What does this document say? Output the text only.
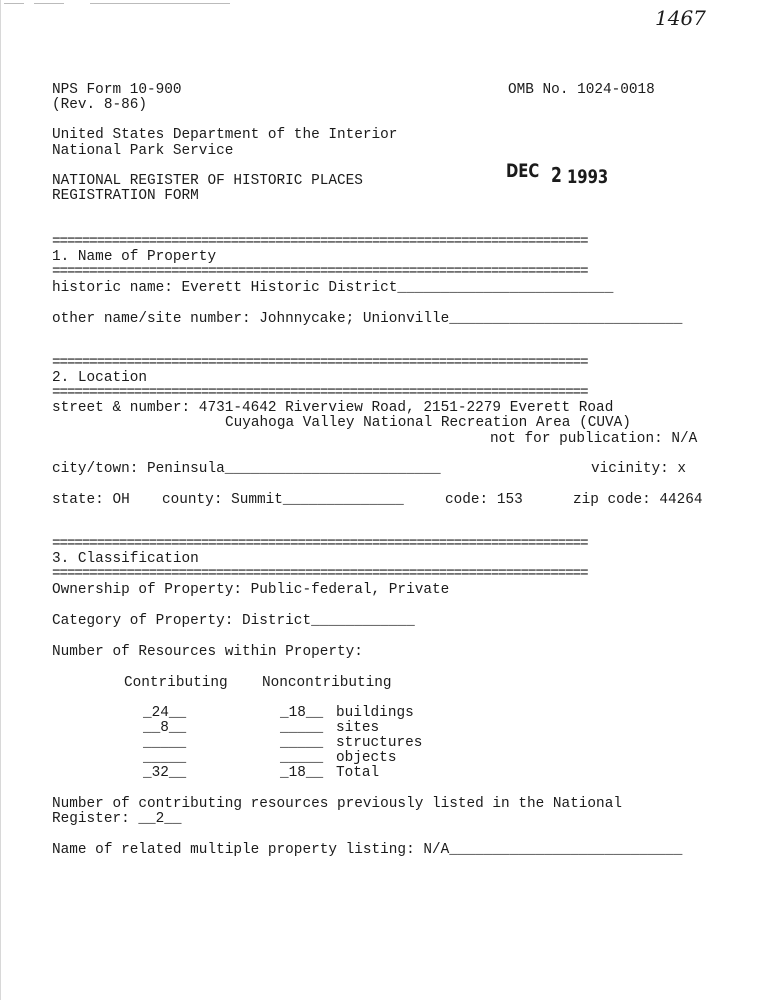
1467
NPS Form 10-900
(Rev. 8-86)
OMB No. 1024-0018
United States Department of the Interior
National Park Service
NATIONAL REGISTER OF HISTORIC PLACES
REGISTRATION FORM
DEC 2 1993
========================================================================
1. Name of Property
========================================================================
historic name: Everett Historic District_________________________
other name/site number: Johnnycake; Unionville___________________________
========================================================================
2. Location
========================================================================
street & number: 4731-4642 Riverview Road, 2151-2279 Everett Road
Cuyahoga Valley National Recreation Area (CUVA)
not for publication: N/A
city/town: Peninsula_________________________	vicinity: x
state: OH county: Summit______________	code: 153	zip code: 44264
========================================================================
3. Classification
========================================================================
Ownership of Property: Public-federal, Private
Category of Property: District____________
Number of Resources within Property:
Contributing Noncontributing
_24__	_18__ buildings
__8__	_____ sites
_____	_____ structures
_____	_____ objects
_32__	_18__ Total
Number of contributing resources previously listed in the National
Register: __2__
Name of related multiple property listing: N/A___________________________
